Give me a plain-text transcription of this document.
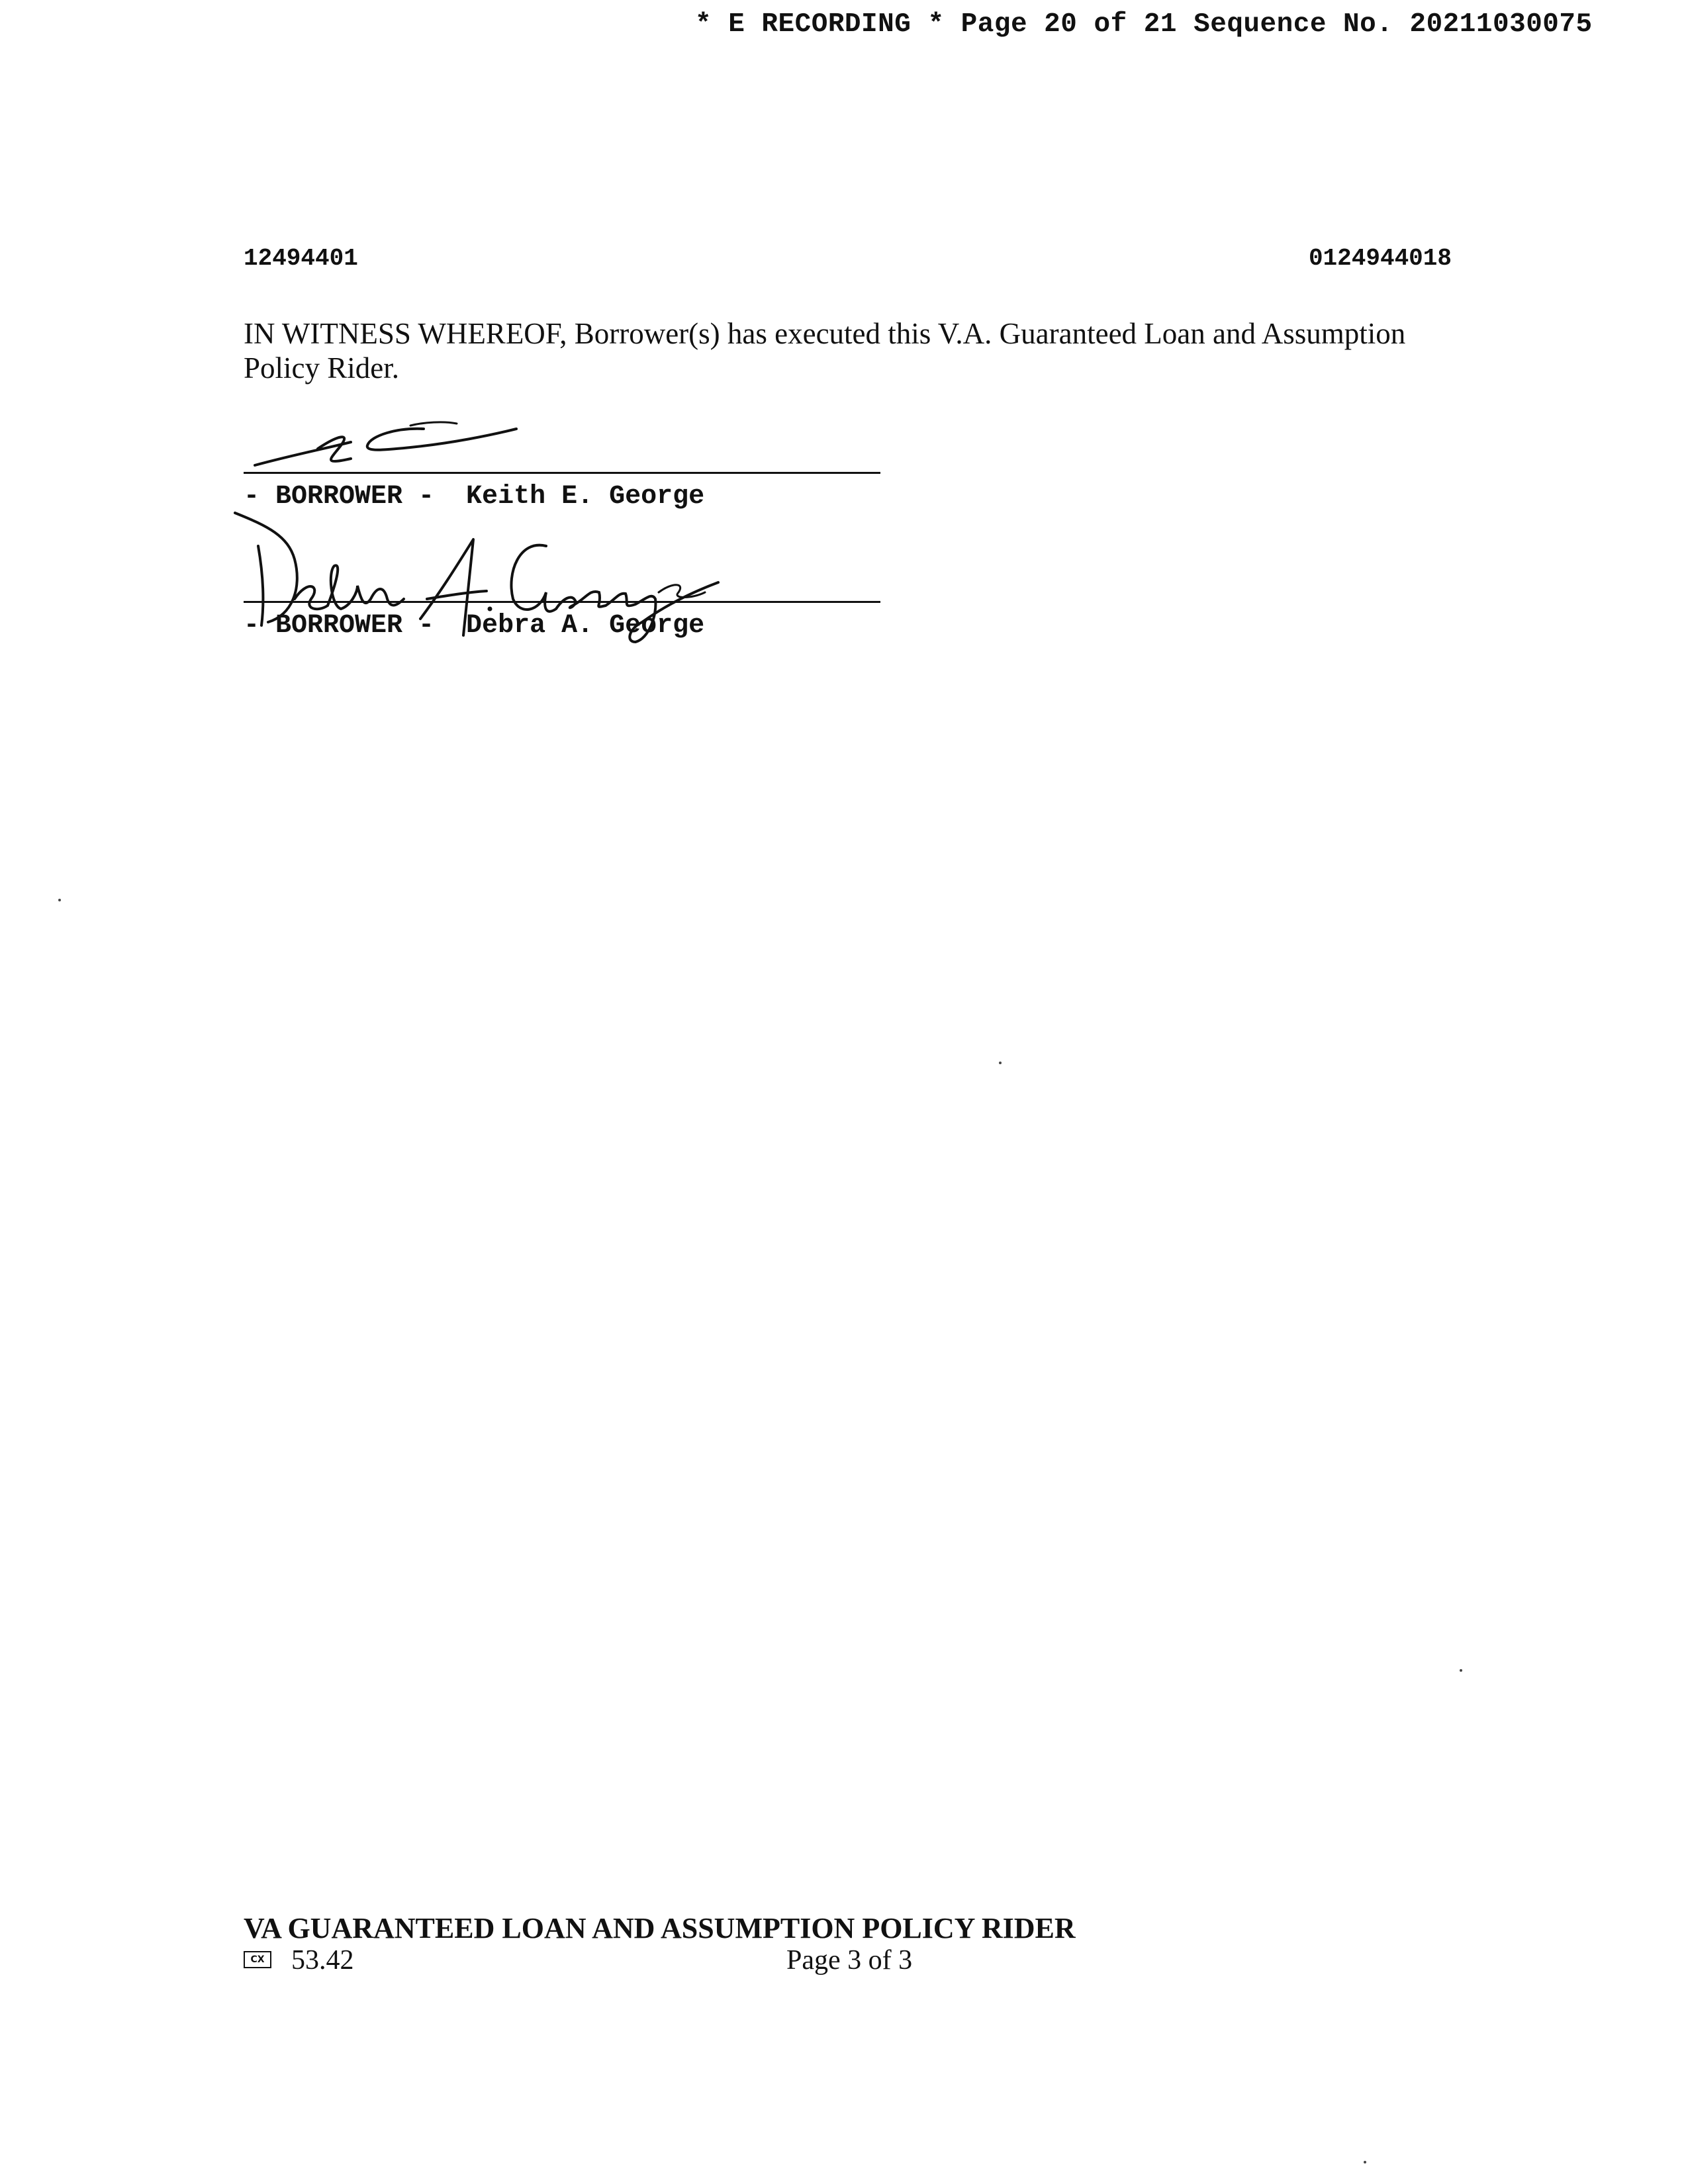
* E RECORDING * Page 20 of 21 Sequence No. 20211030075
12494401	0124944018
IN WITNESS WHEREOF, Borrower(s) has executed this V.A. Guaranteed Loan and Assumption Policy Rider.
- BORROWER -  Keith E. George
- BORROWER -  Debra A. George
VA GUARANTEED LOAN AND ASSUMPTION POLICY RIDER
CX 53.42	Page 3 of 3
